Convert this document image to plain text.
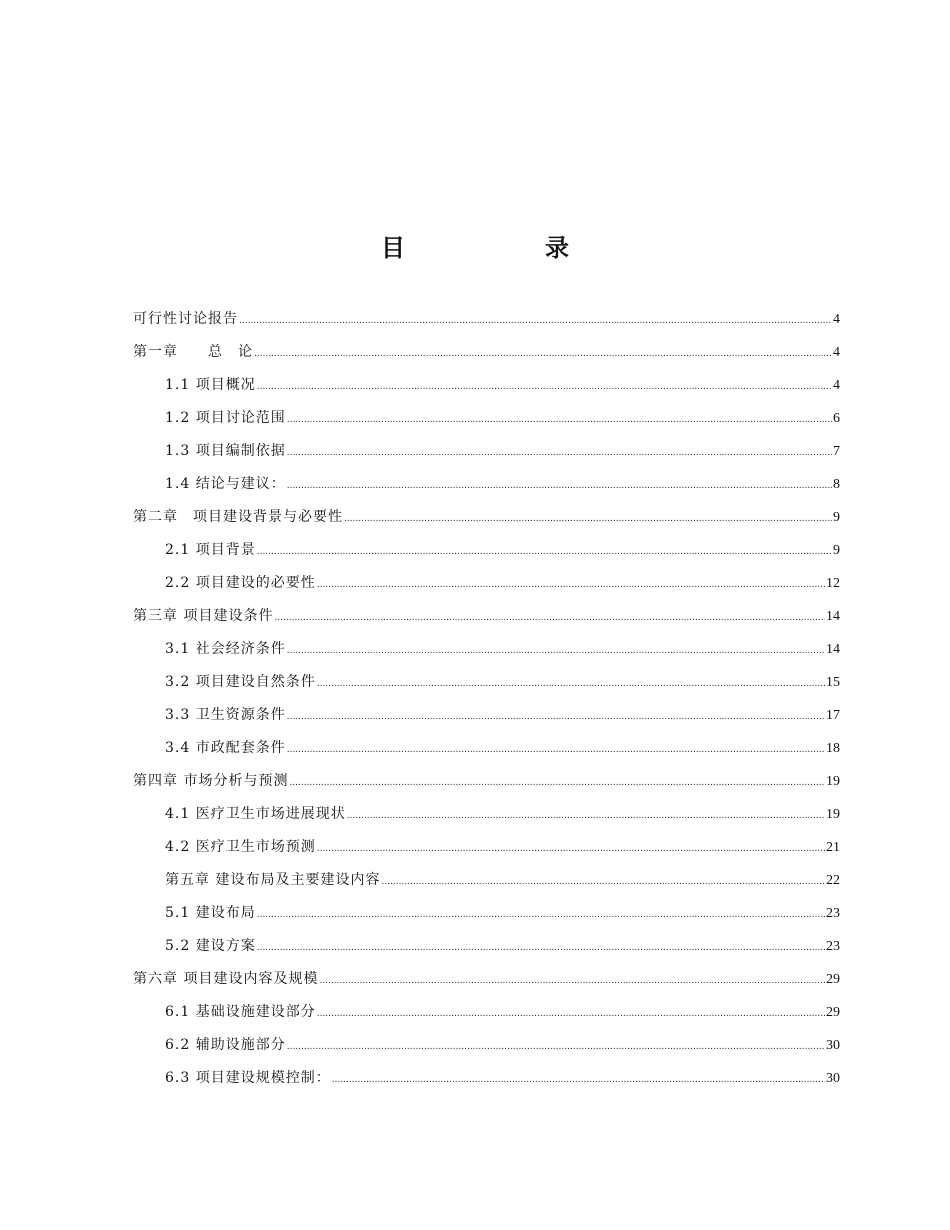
目　录
可行性讨论报告 .....	4
第一章　　总　论 .....	4
1.1 项目概况 .....	4
1.2 项目讨论范围 .....	6
1.3 项目编制依据 .....	7
1.4 结论与建议： .....	8
第二章　项目建设背景与必要性 .....	9
2.1 项目背景 .....	9
2.2 项目建设的必要性 .....	12
第三章 项目建设条件 .....	14
3.1 社会经济条件 .....	14
3.2 项目建设自然条件 .....	15
3.3 卫生资源条件 .....	17
3.4 市政配套条件 .....	18
第四章 市场分析与预测 .....	19
4.1 医疗卫生市场进展现状 .....	19
4.2 医疗卫生市场预测 .....	21
第五章 建设布局及主要建设内容 .....	22
5.1 建设布局 .....	23
5.2 建设方案 .....	23
第六章 项目建设内容及规模 .....	29
6.1 基础设施建设部分 .....	29
6.2 辅助设施部分 .....	30
6.3 项目建设规模控制： .....	30
